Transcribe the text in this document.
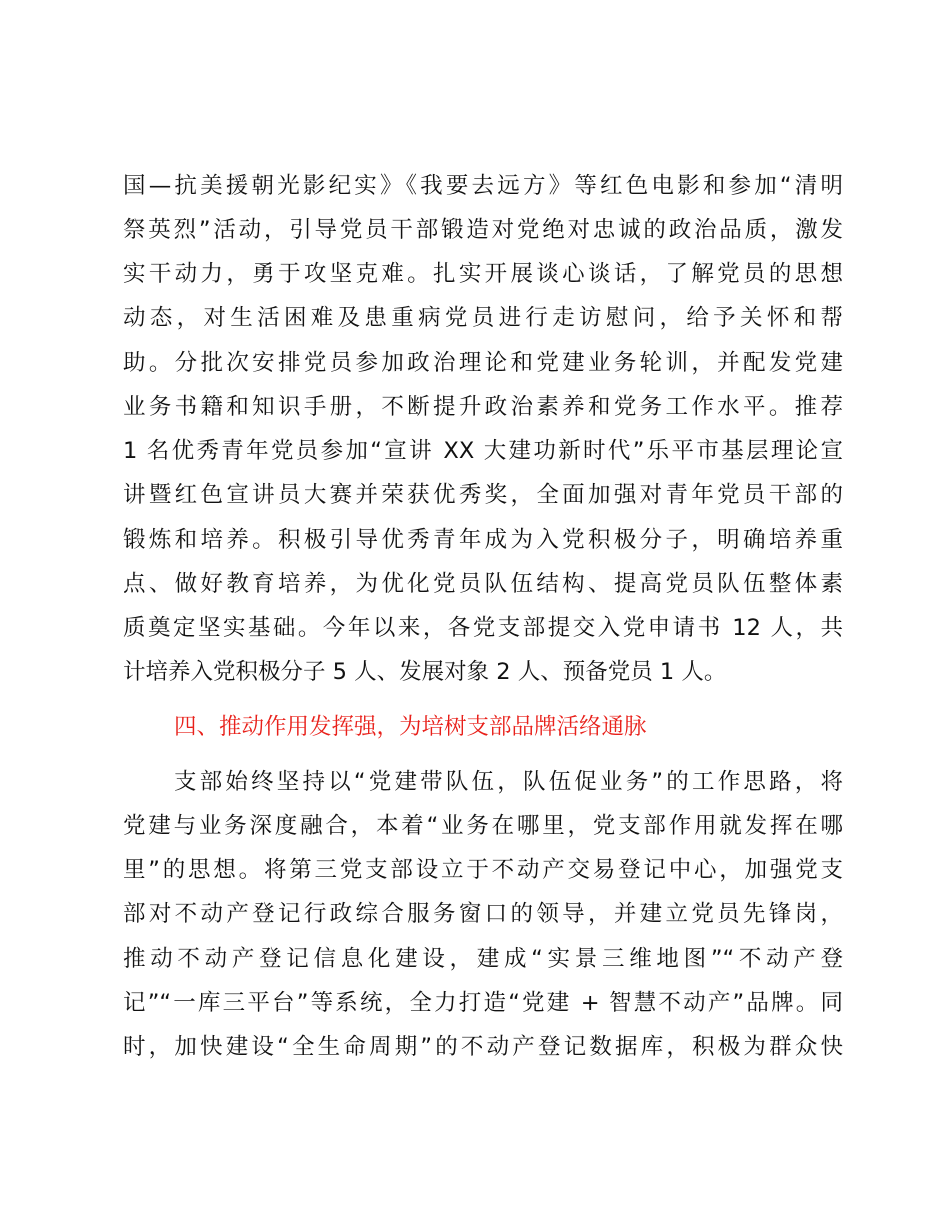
国—抗美援朝光影纪实》《我要去远方》等红色电影和参加“清明
祭英烈”活动，引导党员干部锻造对党绝对忠诚的政治品质，激发
实干动力，勇于攻坚克难。扎实开展谈心谈话，了解党员的思想
动态，对生活困难及患重病党员进行走访慰问，给予关怀和帮
助。分批次安排党员参加政治理论和党建业务轮训，并配发党建
业务书籍和知识手册，不断提升政治素养和党务工作水平。推荐
1 名优秀青年党员参加“宣讲 XX 大建功新时代”乐平市基层理论宣
讲暨红色宣讲员大赛并荣获优秀奖，全面加强对青年党员干部的
锻炼和培养。积极引导优秀青年成为入党积极分子，明确培养重
点、做好教育培养，为优化党员队伍结构、提高党员队伍整体素
质奠定坚实基础。今年以来，各党支部提交入党申请书 12 人，共
计培养入党积极分子 5 人、发展对象 2 人、预备党员 1 人。
四、推动作用发挥强，为培树支部品牌活络通脉
支部始终坚持以“党建带队伍，队伍促业务”的工作思路，将
党建与业务深度融合，本着“业务在哪里，党支部作用就发挥在哪
里”的思想。将第三党支部设立于不动产交易登记中心，加强党支
部对不动产登记行政综合服务窗口的领导，并建立党员先锋岗，
推动不动产登记信息化建设，建成“实景三维地图”“不动产登
记”“一库三平台”等系统，全力打造“党建 + 智慧不动产”品牌。同
时，加快建设“全生命周期”的不动产登记数据库，积极为群众快
